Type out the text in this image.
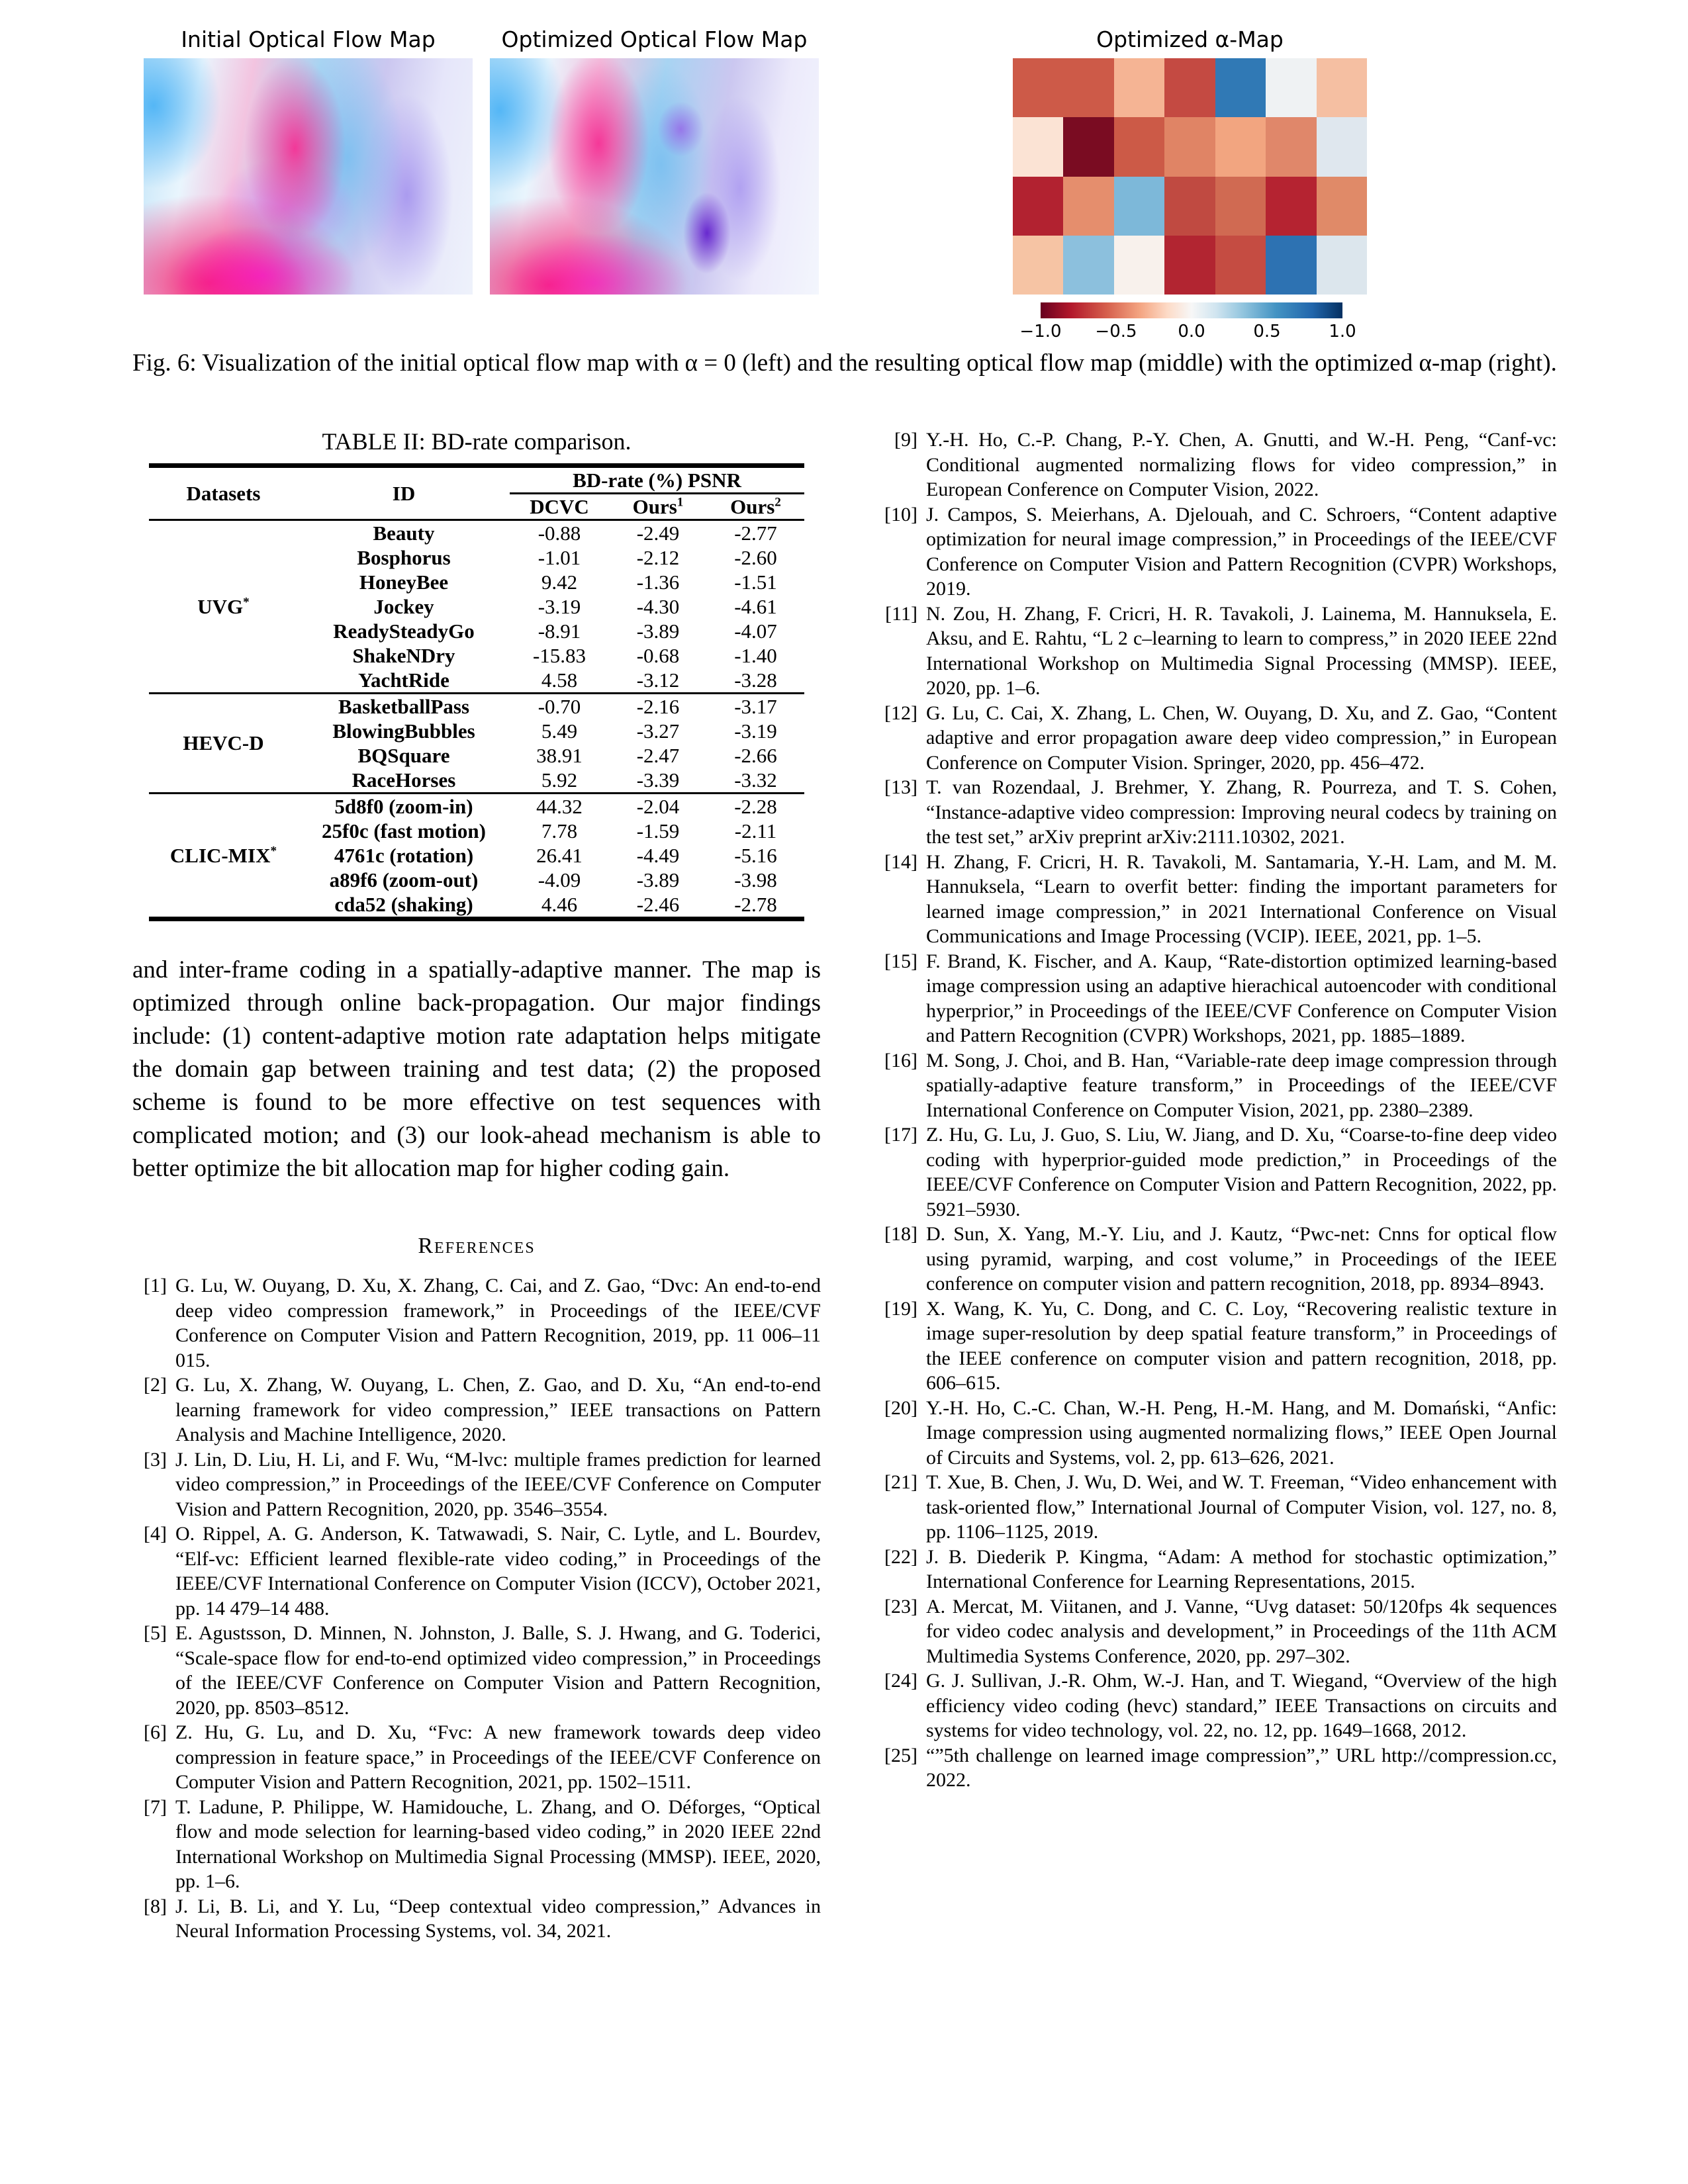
Initial Optical Flow Map	Optimized Optical Flow Map	Optimized α-Map
−1.0 −0.5 0.0	0.5	1.0
Fig. 6: Visualization of the initial optical flow map with α = 0 (left) and the resulting optical flow map (middle) with the optimized α-map (right).
TABLE II: BD-rate comparison.
Datasets	ID	BD-rate (%) PSNR		
		DCVC	Ours$^1$	Ours$^2$
UVG*	Beauty	-0.88	-2.49	-2.77
	Bosphorus	-1.01	-2.12	-2.60
	HoneyBee	9.42	-1.36	-1.51
	Jockey	-3.19	-4.30	-4.61
	ReadySteadyGo	-8.91	-3.89	-4.07
	ShakeNDry	-15.83	-0.68	-1.40
	YachtRide	4.58	-3.12	-3.28
HEVC-D	BasketballPass	-0.70	-2.16	-3.17
	BlowingBubbles	5.49	-3.27	-3.19
	BQSquare	38.91	-2.47	-2.66
	RaceHorses	5.92	-3.39	-3.32
CLIC-MIX*	5d8f0 (zoom-in)	44.32	-2.04	-2.28
	25f0c (fast motion)	7.78	-1.59	-2.11
	4761c (rotation)	26.41	-4.49	-5.16
	a89f6 (zoom-out)	-4.09	-3.89	-3.98
	cda52 (shaking)	4.46	-2.46	-2.78
and inter-frame coding in a spatially-adaptive manner. The map is optimized through online back-propagation. Our major findings include: (1) content-adaptive motion rate adaptation helps mitigate the domain gap between training and test data; (2) the proposed scheme is found to be more effective on test sequences with complicated motion; and (3) our look-ahead mechanism is able to better optimize the bit allocation map for higher coding gain.
References
[1] G. Lu, W. Ouyang, D. Xu, X. Zhang, C. Cai, and Z. Gao, “Dvc: An end-to-end deep video compression framework,” in Proceedings of the IEEE/CVF Conference on Computer Vision and Pattern Recognition, 2019, pp. 11 006–11 015.
[2] G. Lu, X. Zhang, W. Ouyang, L. Chen, Z. Gao, and D. Xu, “An end-to-end learning framework for video compression,” IEEE transactions on Pattern Analysis and Machine Intelligence, 2020.
[3] J. Lin, D. Liu, H. Li, and F. Wu, “M-lvc: multiple frames prediction for learned video compression,” in Proceedings of the IEEE/CVF Conference on Computer Vision and Pattern Recognition, 2020, pp. 3546–3554.
[4] O. Rippel, A. G. Anderson, K. Tatwawadi, S. Nair, C. Lytle, and L. Bourdev, “Elf-vc: Efficient learned flexible-rate video coding,” in Proceedings of the IEEE/CVF International Conference on Computer Vision (ICCV), October 2021, pp. 14 479–14 488.
[5] E. Agustsson, D. Minnen, N. Johnston, J. Balle, S. J. Hwang, and G. Toderici, “Scale-space flow for end-to-end optimized video compression,” in Proceedings of the IEEE/CVF Conference on Computer Vision and Pattern Recognition, 2020, pp. 8503–8512.
[6] Z. Hu, G. Lu, and D. Xu, “Fvc: A new framework towards deep video compression in feature space,” in Proceedings of the IEEE/CVF Conference on Computer Vision and Pattern Recognition, 2021, pp. 1502–1511.
[7] T. Ladune, P. Philippe, W. Hamidouche, L. Zhang, and O. Déforges, “Optical flow and mode selection for learning-based video coding,” in 2020 IEEE 22nd International Workshop on Multimedia Signal Processing (MMSP). IEEE, 2020, pp. 1–6.
[8] J. Li, B. Li, and Y. Lu, “Deep contextual video compression,” Advances in Neural Information Processing Systems, vol. 34, 2021.
[9] Y.-H. Ho, C.-P. Chang, P.-Y. Chen, A. Gnutti, and W.-H. Peng, “Canf-vc: Conditional augmented normalizing flows for video compression,” in European Conference on Computer Vision, 2022.
[10] J. Campos, S. Meierhans, A. Djelouah, and C. Schroers, “Content adaptive optimization for neural image compression,” in Proceedings of the IEEE/CVF Conference on Computer Vision and Pattern Recognition (CVPR) Workshops, 2019.
[11] N. Zou, H. Zhang, F. Cricri, H. R. Tavakoli, J. Lainema, M. Hannuksela, E. Aksu, and E. Rahtu, “L 2 c–learning to learn to compress,” in 2020 IEEE 22nd International Workshop on Multimedia Signal Processing (MMSP). IEEE, 2020, pp. 1–6.
[12] G. Lu, C. Cai, X. Zhang, L. Chen, W. Ouyang, D. Xu, and Z. Gao, “Content adaptive and error propagation aware deep video compression,” in European Conference on Computer Vision. Springer, 2020, pp. 456–472.
[13] T. van Rozendaal, J. Brehmer, Y. Zhang, R. Pourreza, and T. S. Cohen, “Instance-adaptive video compression: Improving neural codecs by training on the test set,” arXiv preprint arXiv:2111.10302, 2021.
[14] H. Zhang, F. Cricri, H. R. Tavakoli, M. Santamaria, Y.-H. Lam, and M. M. Hannuksela, “Learn to overfit better: finding the important parameters for learned image compression,” in 2021 International Conference on Visual Communications and Image Processing (VCIP). IEEE, 2021, pp. 1–5.
[15] F. Brand, K. Fischer, and A. Kaup, “Rate-distortion optimized learning-based image compression using an adaptive hierachical autoencoder with conditional hyperprior,” in Proceedings of the IEEE/CVF Conference on Computer Vision and Pattern Recognition (CVPR) Workshops, 2021, pp. 1885–1889.
[16] M. Song, J. Choi, and B. Han, “Variable-rate deep image compression through spatially-adaptive feature transform,” in Proceedings of the IEEE/CVF International Conference on Computer Vision, 2021, pp. 2380–2389.
[17] Z. Hu, G. Lu, J. Guo, S. Liu, W. Jiang, and D. Xu, “Coarse-to-fine deep video coding with hyperprior-guided mode prediction,” in Proceedings of the IEEE/CVF Conference on Computer Vision and Pattern Recognition, 2022, pp. 5921–5930.
[18] D. Sun, X. Yang, M.-Y. Liu, and J. Kautz, “Pwc-net: Cnns for optical flow using pyramid, warping, and cost volume,” in Proceedings of the IEEE conference on computer vision and pattern recognition, 2018, pp. 8934–8943.
[19] X. Wang, K. Yu, C. Dong, and C. C. Loy, “Recovering realistic texture in image super-resolution by deep spatial feature transform,” in Proceedings of the IEEE conference on computer vision and pattern recognition, 2018, pp. 606–615.
[20] Y.-H. Ho, C.-C. Chan, W.-H. Peng, H.-M. Hang, and M. Domański, “Anfic: Image compression using augmented normalizing flows,” IEEE Open Journal of Circuits and Systems, vol. 2, pp. 613–626, 2021.
[21] T. Xue, B. Chen, J. Wu, D. Wei, and W. T. Freeman, “Video enhancement with task-oriented flow,” International Journal of Computer Vision, vol. 127, no. 8, pp. 1106–1125, 2019.
[22] J. B. Diederik P. Kingma, “Adam: A method for stochastic optimization,” International Conference for Learning Representations, 2015.
[23] A. Mercat, M. Viitanen, and J. Vanne, “Uvg dataset: 50/120fps 4k sequences for video codec analysis and development,” in Proceedings of the 11th ACM Multimedia Systems Conference, 2020, pp. 297–302.
[24] G. J. Sullivan, J.-R. Ohm, W.-J. Han, and T. Wiegand, “Overview of the high efficiency video coding (hevc) standard,” IEEE Transactions on circuits and systems for video technology, vol. 22, no. 12, pp. 1649–1668, 2012.
[25] “”5th challenge on learned image compression”,” URL http://compression.cc, 2022.
